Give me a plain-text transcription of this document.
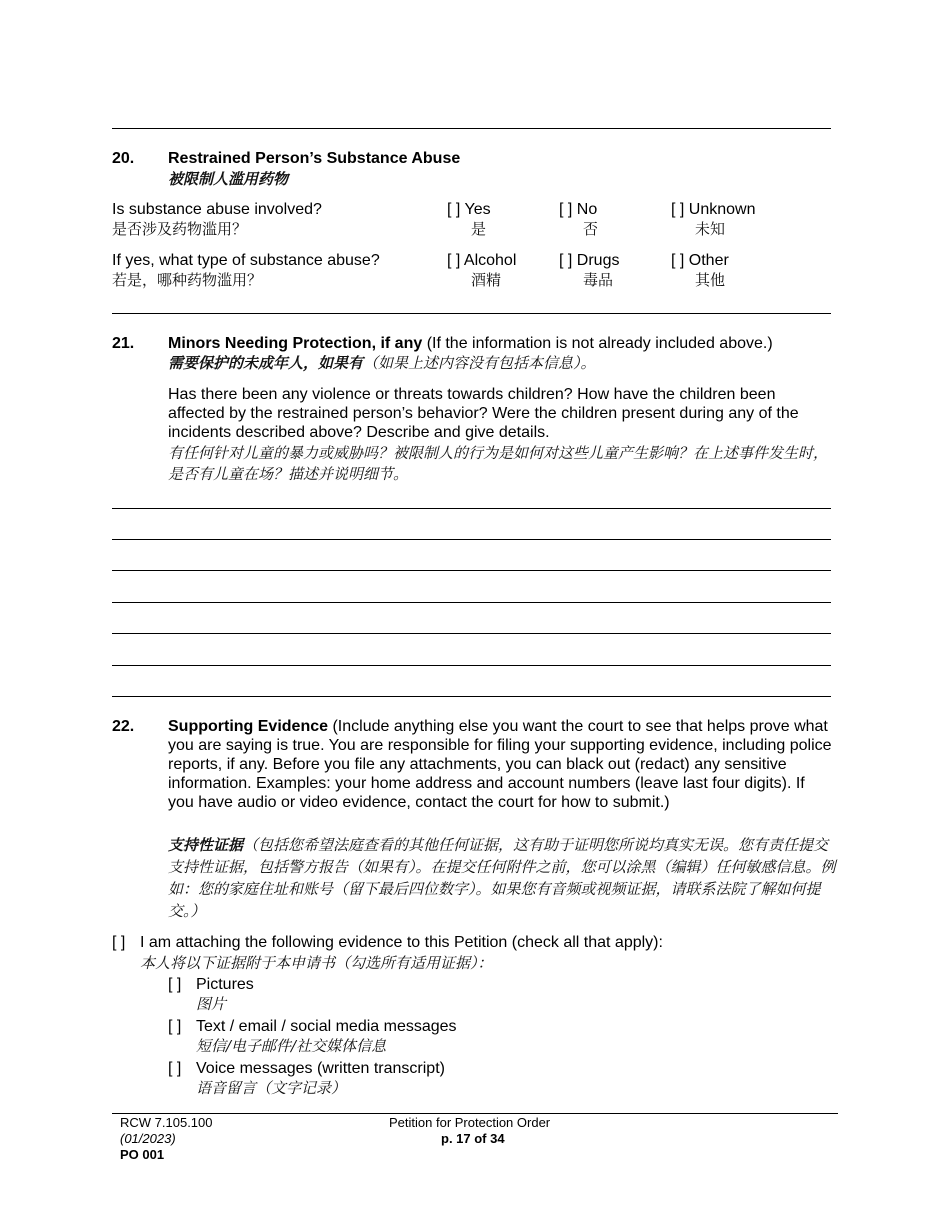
20. Restrained Person’s Substance Abuse
被限制人滥用药物
Is substance abuse involved?
是否涉及药物滥用？
[ ] Yes
是
[ ] No
否
[ ] Unknown
未知
If yes, what type of substance abuse?
若是，哪种药物滥用？
[ ] Alcohol
酒精
[ ] Drugs
毒品
[ ] Other
其他
21. Minors Needing Protection, if any (If the information is not already included above.)
需要保护的未成年人，如果有（如果上述内容没有包括本信息）。
Has there been any violence or threats towards children? How have the children been affected by the restrained person’s behavior? Were the children present during any of the incidents described above? Describe and give details.
有任何针对儿童的暴力或威胁吗？被限制人的行为是如何对这些儿童产生影响？在上述事件发生时，是否有儿童在场？描述并说明细节。
22. Supporting Evidence (Include anything else you want the court to see that helps prove what you are saying is true. You are responsible for filing your supporting evidence, including police reports, if any. Before you file any attachments, you can black out (redact) any sensitive information. Examples: your home address and account numbers (leave last four digits). If you have audio or video evidence, contact the court for how to submit.)
支持性证据（包括您希望法庭查看的其他任何证据，这有助于证明您所说均真实无误。您有责任提交支持性证据，包括警方报告（如果有）。在提交任何附件之前，您可以涂黑（编辑）任何敏感信息。例如：您的家庭住址和账号（留下最后四位数字）。如果您有音频或视频证据，请联系法院了解如何提交。）
[ ] I am attaching the following evidence to this Petition (check all that apply):
本人将以下证据附于本申请书（勾选所有适用证据）：
[ ] Pictures
图片
[ ] Text / email / social media messages
短信/电子邮件/社交媒体信息
[ ] Voice messages (written transcript)
语音留言（文字记录）
RCW 7.105.100
(01/2023)
PO 001
Petition for Protection Order
p. 17 of 34
